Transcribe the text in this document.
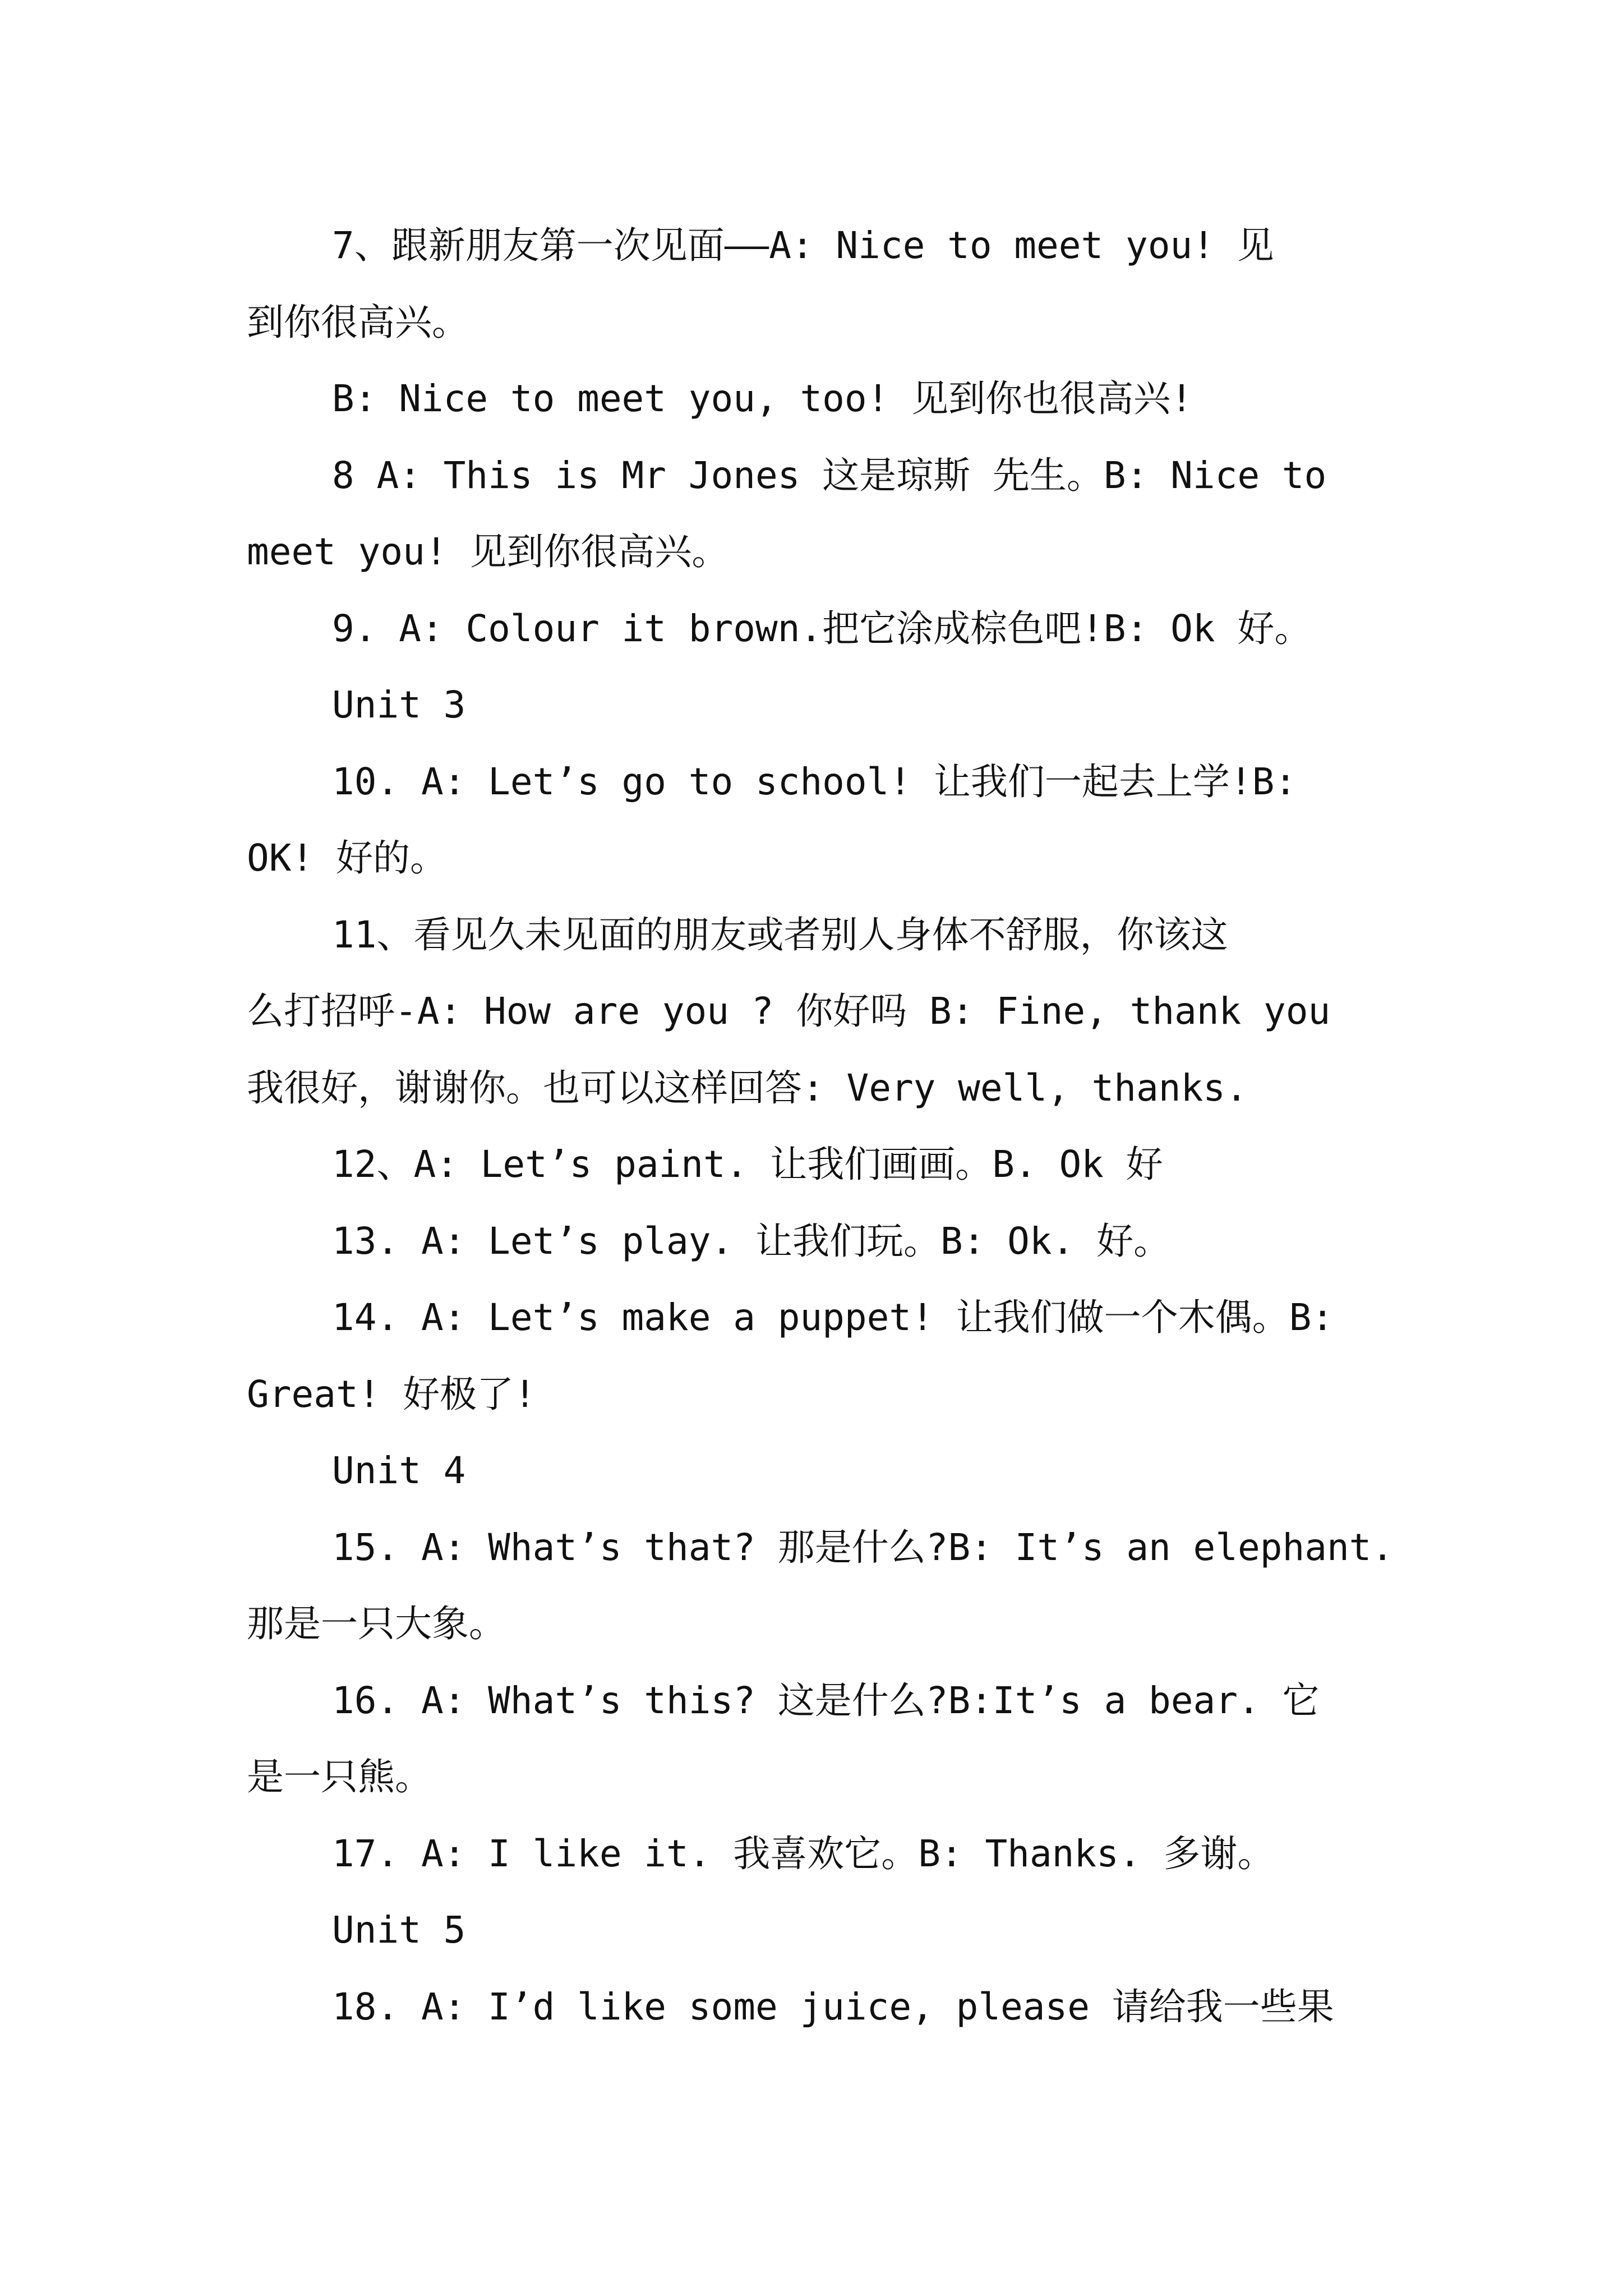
7、跟新朋友第一次见面——A: Nice to meet you! 见
到你很高兴。
B: Nice to meet you, too! 见到你也很高兴!
8 A: This is Mr Jones 这是琼斯 先生。B: Nice to
meet you! 见到你很高兴。
9. A: Colour it brown.把它涂成棕色吧!B: Ok 好。
Unit 3
10. A: Let’s go to school! 让我们一起去上学!B:
OK! 好的。
11、看见久未见面的朋友或者别人身体不舒服，你该这
么打招呼-A: How are you ? 你好吗 B: Fine, thank you
我很好，谢谢你。也可以这样回答: Very well, thanks.
12、A: Let’s paint. 让我们画画。B. Ok 好
13. A: Let’s play. 让我们玩。B: Ok. 好。
14. A: Let’s make a puppet! 让我们做一个木偶。B:
Great! 好极了!
Unit 4
15. A: What’s that? 那是什么?B: It’s an elephant.
那是一只大象。
16. A: What’s this? 这是什么?B:It’s a bear. 它
是一只熊。
17. A: I like it. 我喜欢它。B: Thanks. 多谢。
Unit 5
18. A: I’d like some juice, please 请给我一些果
